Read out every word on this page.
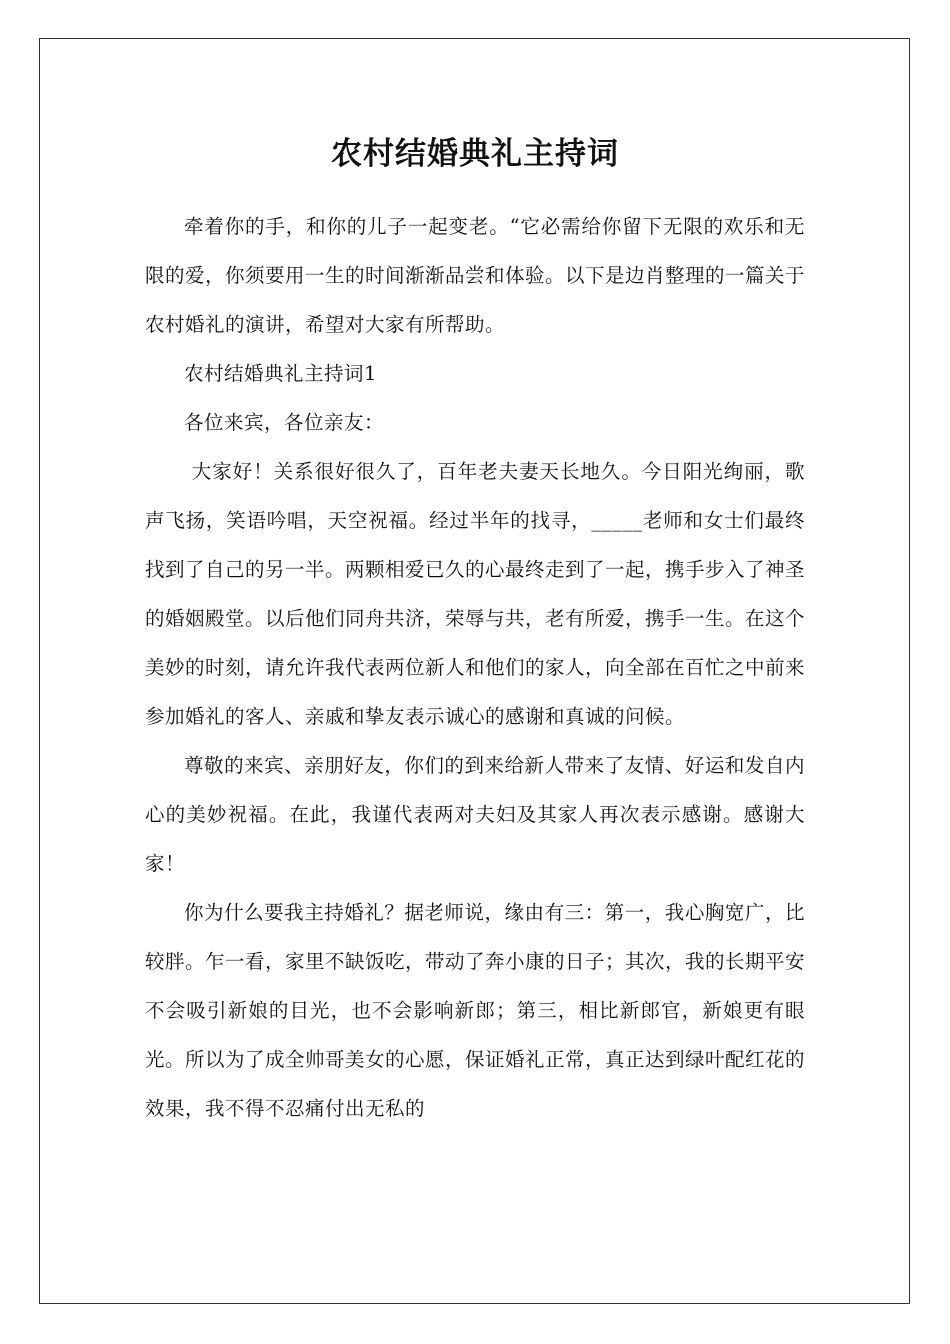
农村结婚典礼主持词

牵着你的手，和你的儿子一起变老。“它必需给你留下无限的欢乐和无限的爱，你须要用一生的时间渐渐品尝和体验。以下是边肖整理的一篇关于农村婚礼的演讲，希望对大家有所帮助。

农村结婚典礼主持词1

各位来宾，各位亲友：

大家好！关系很好很久了，百年老夫妻天长地久。今日阳光绚丽，歌声飞扬，笑语吟唱，天空祝福。经过半年的找寻，_____老师和女士们最终找到了自己的另一半。两颗相爱已久的心最终走到了一起，携手步入了神圣的婚姻殿堂。以后他们同舟共济，荣辱与共，老有所爱，携手一生。在这个美妙的时刻，请允许我代表两位新人和他们的家人，向全部在百忙之中前来参加婚礼的客人、亲戚和挚友表示诚心的感谢和真诚的问候。

尊敬的来宾、亲朋好友，你们的到来给新人带来了友情、好运和发自内心的美妙祝福。在此，我谨代表两对夫妇及其家人再次表示感谢。感谢大家！

你为什么要我主持婚礼？据老师说，缘由有三：第一，我心胸宽广，比较胖。乍一看，家里不缺饭吃，带动了奔小康的日子；其次，我的长期平安不会吸引新娘的目光，也不会影响新郎；第三，相比新郎官，新娘更有眼光。所以为了成全帅哥美女的心愿，保证婚礼正常，真正达到绿叶配红花的效果，我不得不忍痛付出无私的
